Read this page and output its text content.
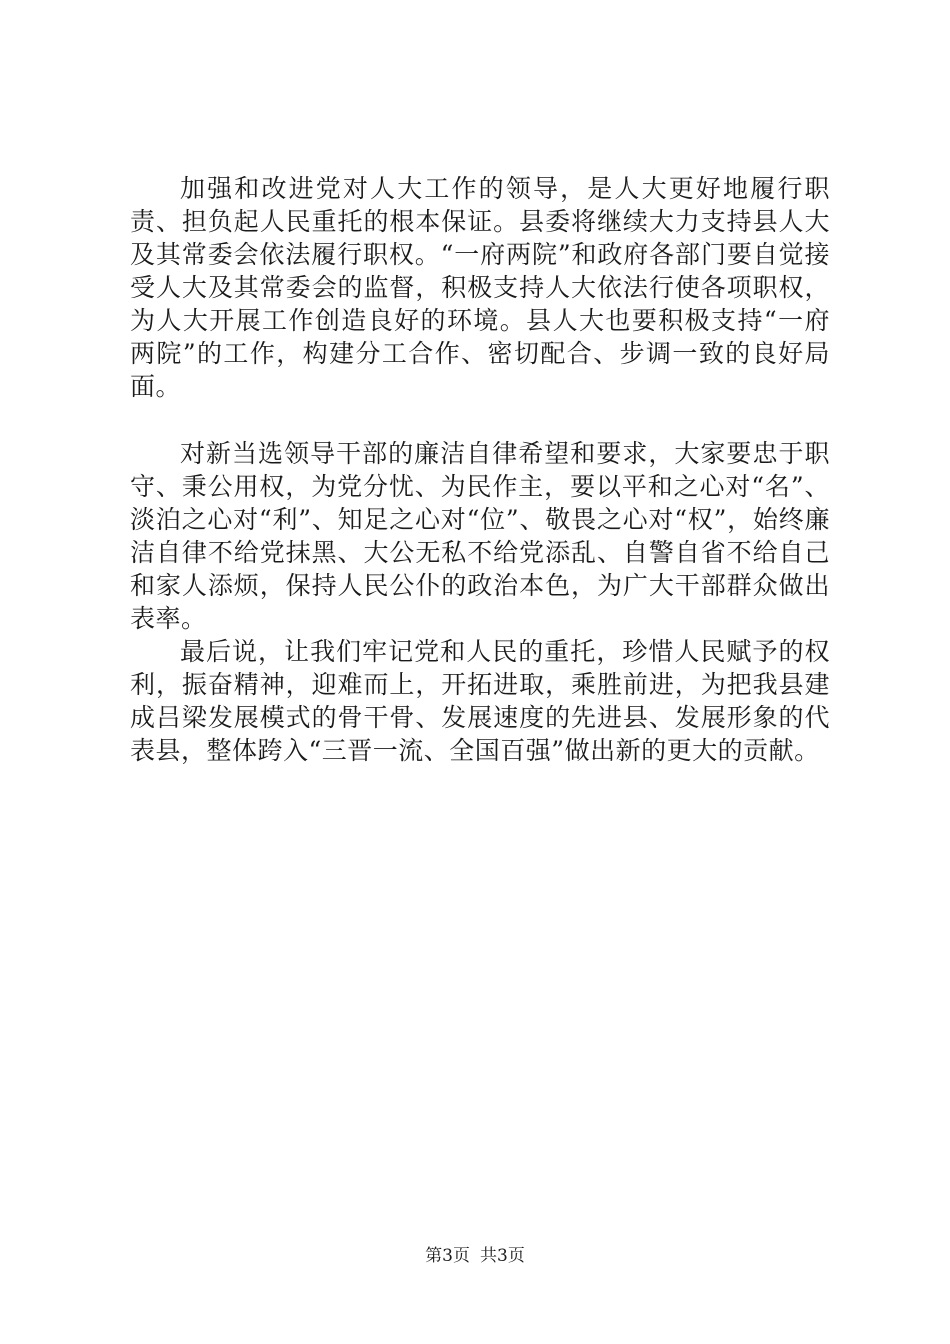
加强和改进党对人大工作的领导，是人大更好地履行职责、担负起人民重托的根本保证。县委将继续大力支持县人大及其常委会依法履行职权。“一府两院”和政府各部门要自觉接受人大及其常委会的监督，积极支持人大依法行使各项职权，为人大开展工作创造良好的环境。县人大也要积极支持“一府两院”的工作，构建分工合作、密切配合、步调一致的良好局面。

对新当选领导干部的廉洁自律希望和要求，大家要忠于职守、秉公用权，为党分忧、为民作主，要以平和之心对“名”、淡泊之心对“利”、知足之心对“位”、敬畏之心对“权”，始终廉洁自律不给党抹黑、大公无私不给党添乱、自警自省不给自己和家人添烦，保持人民公仆的政治本色，为广大干部群众做出表率。

最后说，让我们牢记党和人民的重托，珍惜人民赋予的权利，振奋精神，迎难而上，开拓进取，乘胜前进，为把我县建成吕梁发展模式的骨干骨、发展速度的先进县、发展形象的代表县，整体跨入“三晋一流、全国百强”做出新的更大的贡献。

第3页 共3页
